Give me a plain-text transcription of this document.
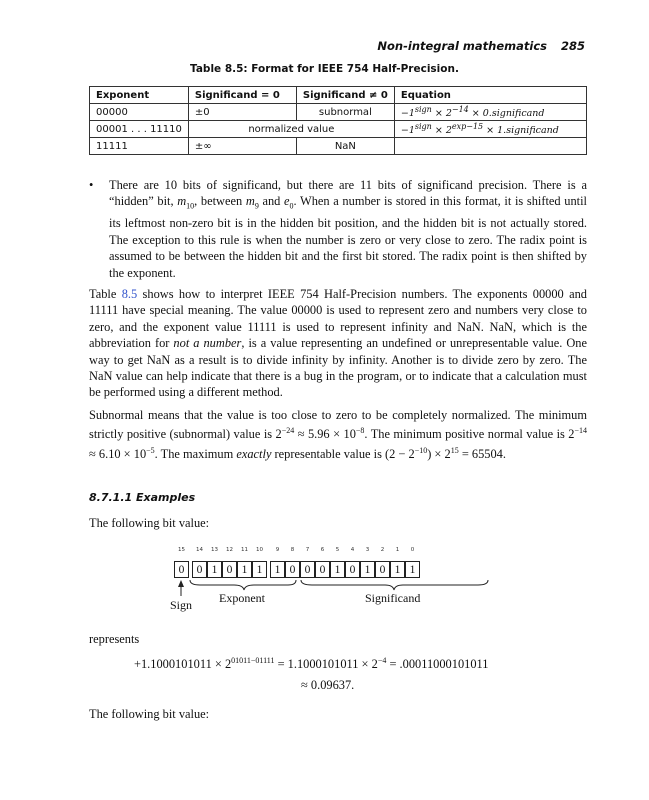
Non-integral mathematics 285
Table 8.5: Format for IEEE 754 Half-Precision.
Exponent	Significand = 0	Significand ≠ 0	Equation
00000	±0	subnormal	$-1^{sign} \times 2^{-14}$ × 0.significand
00001 . . . 11110	normalized value		$-1^{sign} \times 2^{exp-15}$ × 1.significand
11111	±∞	NaN	
• There are 10 bits of significand, but there are 11 bits of significand precision. There is a “hidden” bit, $m_{10}$, between $m_9$ and $e_0$. When a number is stored in this format, it is shifted until its leftmost non-zero bit is in the hidden bit position, and the hidden bit is not actually stored. The exception to this rule is when the number is zero or very close to zero. The radix point is assumed to be between the hidden bit and the first bit stored. The radix point is then shifted by the exponent.
Table 8.5 shows how to interpret IEEE 754 Half-Precision numbers. The exponents 00000 and 11111 have special meaning. The value 00000 is used to represent zero and numbers very close to zero, and the exponent value 11111 is used to represent infinity and NaN. NaN, which is the abbreviation for not a number, is a value representing an undefined or unrepresentable value. One way to get NaN as a result is to divide infinity by infinity. Another is to divide zero by zero. The NaN value can help indicate that there is a bug in the program, or to indicate that a calculation must be performed using a different method.
Subnormal means that the value is too close to zero to be completely normalized. The minimum strictly positive (subnormal) value is $2^{-24} \approx 5.96 \times 10^{-8}$. The minimum positive normal value is $2^{-14} \approx 6.10 \times 10^{-5}$. The maximum exactly representable value is $(2 - 2^{-10}) \times 2^{15} = 65504$.
8.7.1.1 Examples
The following bit value:
15
0
14
0
13
1
12
0
11
1
10
1
9
1
8
0
7
0
6
0
5
1
4
0
3
1
2
0
1
1
0
1
Sign Exponent	Significand
represents
$+1.1000101011 \times 2^{01011-01111} = 1.1000101011 \times 2^{-4} = .00011000101011$
≈ 0.09637.
The following bit value:
